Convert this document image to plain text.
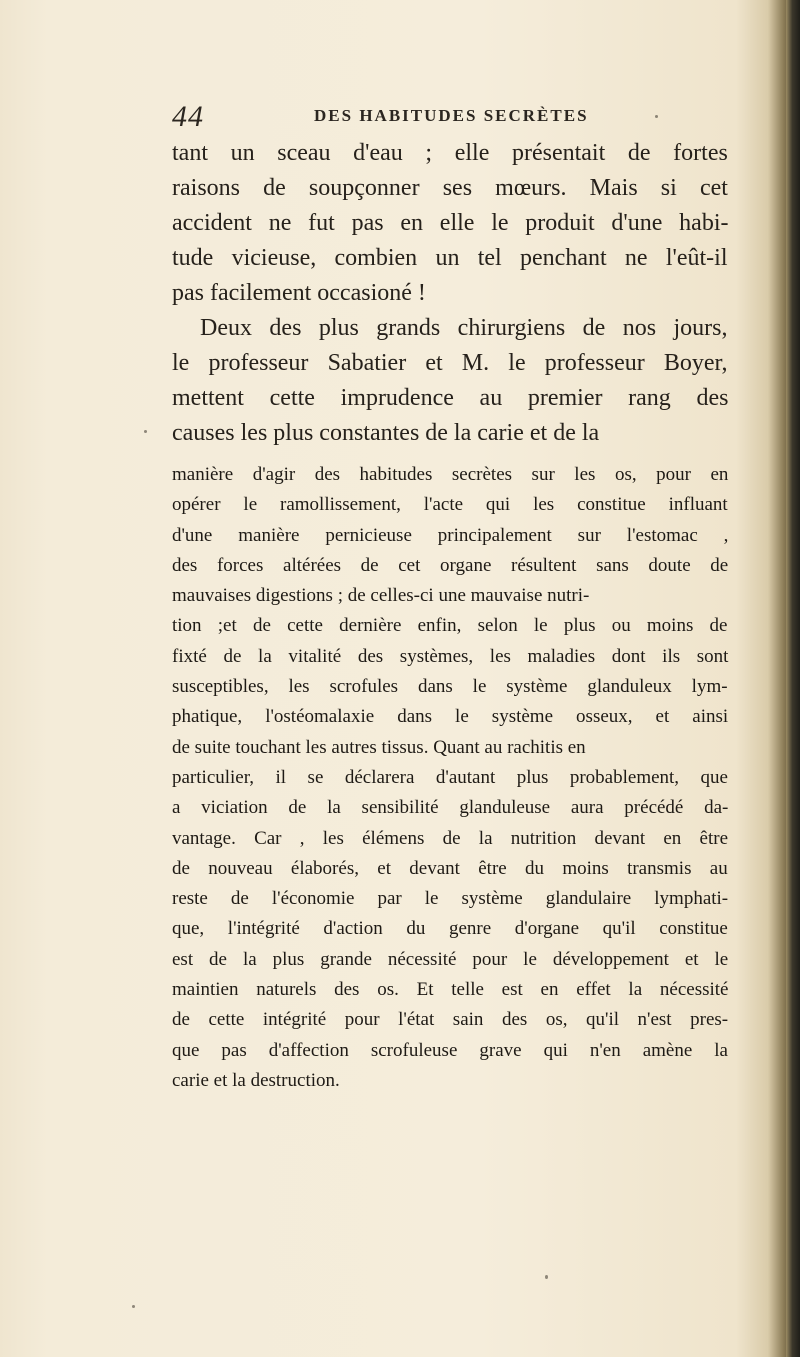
44	DES HABITUDES SECRÈTES

tant un sceau d'eau ; elle présentait de fortes
raisons de soupçonner ses mœurs. Mais si cet
accident ne fut pas en elle le produit d'une habi-
tude vicieuse, combien un tel penchant ne l'eût-il
pas facilement occasioné !

Deux des plus grands chirurgiens de nos jours,
le professeur Sabatier et M. le professeur Boyer,
mettent cette imprudence au premier rang des
causes les plus constantes de la carie et de la

manière d'agir des habitudes secrètes sur les os, pour en
opérer le ramollissement, l'acte qui les constitue influant
d'une manière pernicieuse principalement sur l'estomac ,
des forces altérées de cet organe résultent sans doute de
mauvaises digestions ; de celles-ci une mauvaise nutri-
tion ;et de cette dernière enfin, selon le plus ou moins de
fixté de la vitalité des systèmes, les maladies dont ils sont
susceptibles, les scrofules dans le système glanduleux lym-
phatique, l'ostéomalaxie dans le système osseux, et ainsi
de suite touchant les autres tissus. Quant au rachitis en
particulier, il se déclarera d'autant plus probablement, que
a viciation de la sensibilité glanduleuse aura précédé da-
vantage. Car , les élémens de la nutrition devant en être
de nouveau élaborés, et devant être du moins transmis au
reste de l'économie par le système glandulaire lymphati-
que, l'intégrité d'action du genre d'organe qu'il constitue
est de la plus grande nécessité pour le développement et le
maintien naturels des os. Et telle est en effet la nécessité
de cette intégrité pour l'état sain des os, qu'il n'est pres-
que pas d'affection scrofuleuse grave qui n'en amène la
carie et la destruction.
